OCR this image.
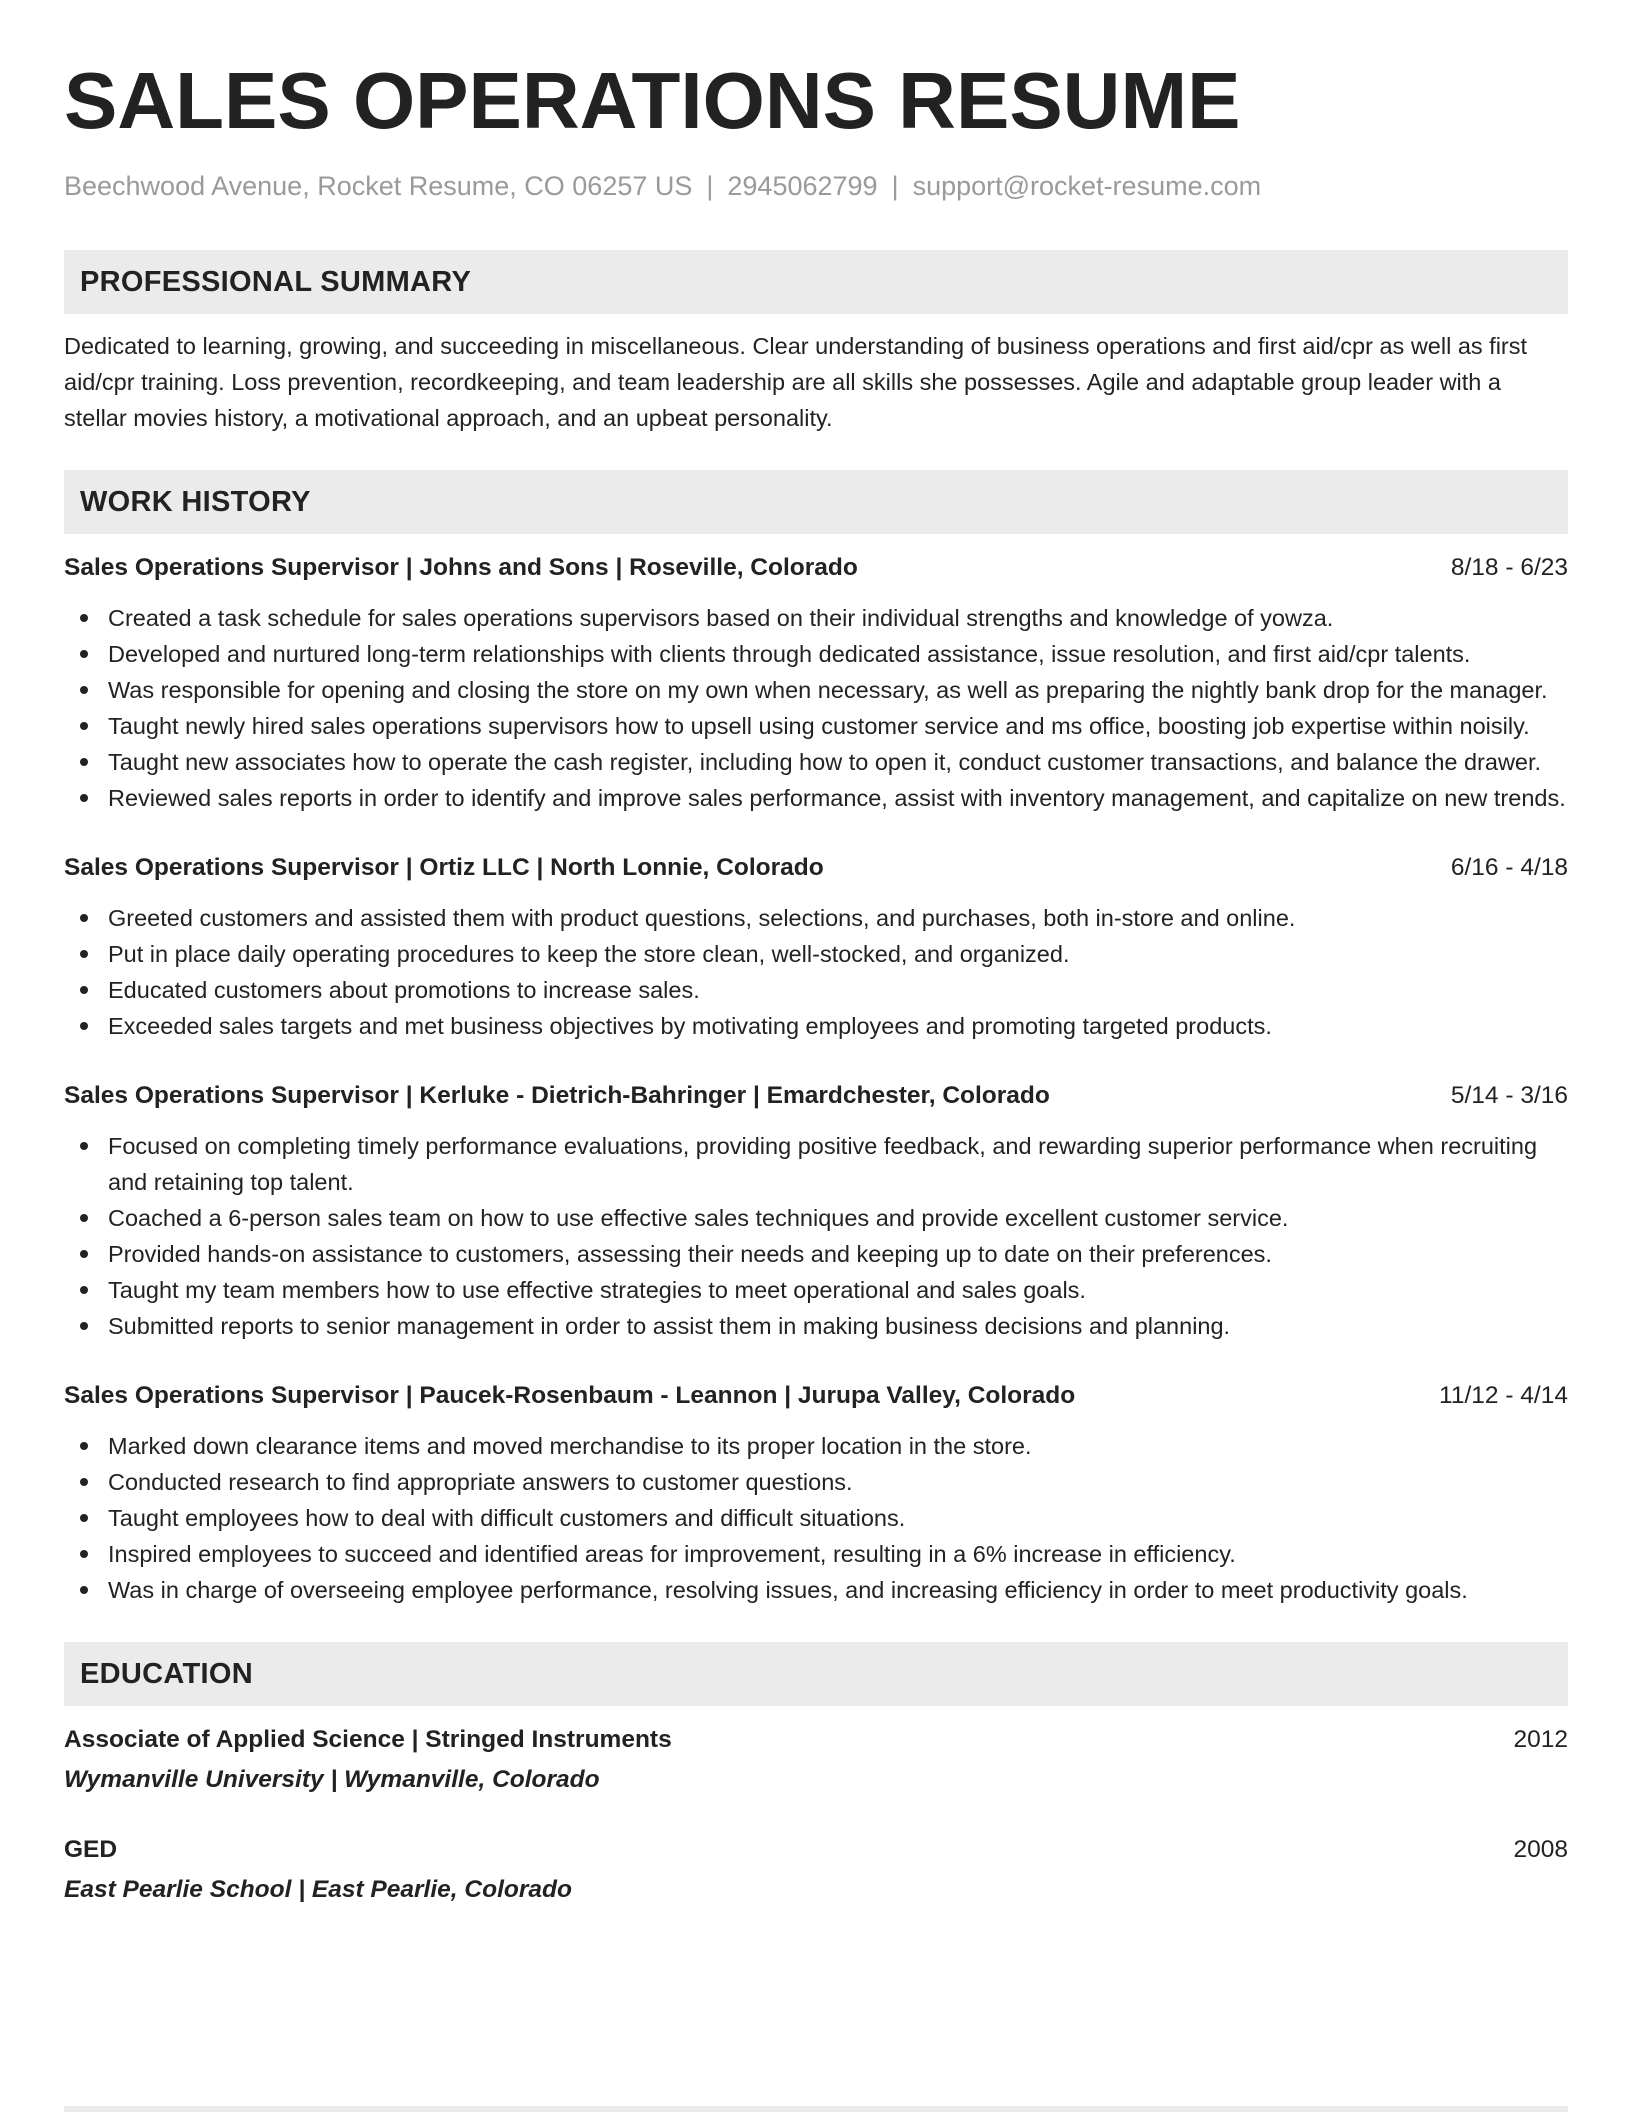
SALES OPERATIONS RESUME
Beechwood Avenue, Rocket Resume, CO 06257 US | 2945062799 | support@rocket-resume.com
PROFESSIONAL SUMMARY

Dedicated to learning, growing, and succeeding in miscellaneous. Clear understanding of business operations and first aid/cpr as well as first aid/cpr training. Loss prevention, recordkeeping, and team leadership are all skills she possesses. Agile and adaptable group leader with a stellar movies history, a motivational approach, and an upbeat personality.

WORK HISTORY
Sales Operations Supervisor | Johns and Sons | Roseville, Colorado	8/18 - 6/23
Created a task schedule for sales operations supervisors based on their individual strengths and knowledge of yowza.
Developed and nurtured long-term relationships with clients through dedicated assistance, issue resolution, and first aid/cpr talents.
Was responsible for opening and closing the store on my own when necessary, as well as preparing the nightly bank drop for the manager.
Taught newly hired sales operations supervisors how to upsell using customer service and ms office, boosting job expertise within noisily.
Taught new associates how to operate the cash register, including how to open it, conduct customer transactions, and balance the drawer.
Reviewed sales reports in order to identify and improve sales performance, assist with inventory management, and capitalize on new trends.
Sales Operations Supervisor | Ortiz LLC | North Lonnie, Colorado	6/16 - 4/18
Greeted customers and assisted them with product questions, selections, and purchases, both in-store and online.
Put in place daily operating procedures to keep the store clean, well-stocked, and organized.
Educated customers about promotions to increase sales.
Exceeded sales targets and met business objectives by motivating employees and promoting targeted products.
Sales Operations Supervisor | Kerluke - Dietrich-Bahringer | Emardchester, Colorado	5/14 - 3/16
Focused on completing timely performance evaluations, providing positive feedback, and rewarding superior performance when recruiting and retaining top talent.
Coached a 6-person sales team on how to use effective sales techniques and provide excellent customer service.
Provided hands-on assistance to customers, assessing their needs and keeping up to date on their preferences.
Taught my team members how to use effective strategies to meet operational and sales goals.
Submitted reports to senior management in order to assist them in making business decisions and planning.
Sales Operations Supervisor | Paucek-Rosenbaum - Leannon | Jurupa Valley, Colorado	11/12 - 4/14
Marked down clearance items and moved merchandise to its proper location in the store.
Conducted research to find appropriate answers to customer questions.
Taught employees how to deal with difficult customers and difficult situations.
Inspired employees to succeed and identified areas for improvement, resulting in a 6% increase in efficiency.
Was in charge of overseeing employee performance, resolving issues, and increasing efficiency in order to meet productivity goals.
EDUCATION
Associate of Applied Science | Stringed Instruments	2012
Wymanville University | Wymanville, Colorado
GED	2008
East Pearlie School | East Pearlie, Colorado
